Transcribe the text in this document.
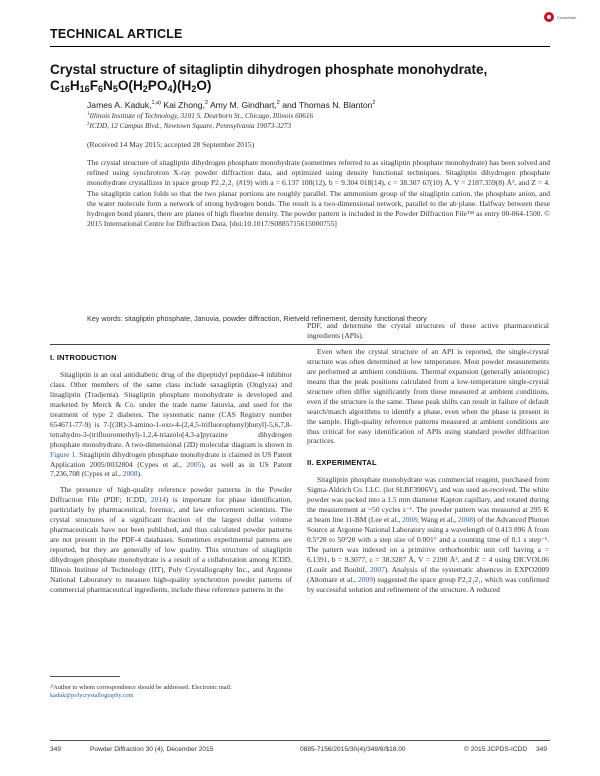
CrossMark
TECHNICAL ARTICLE
Crystal structure of sitagliptin dihydrogen phosphate monohydrate,
$C_{16}H_{16}F_6N_5O(H_2PO_4)(H_2O)$
James A. Kaduk,$^{1,a)}$ Kai Zhong,$^2$ Amy M. Gindhart,$^2$ and Thomas N. Blanton$^2$
$^1$Illinois Institute of Technology, 3101 S. Dearborn St., Chicago, Illinois 60616
$^2$ICDD, 12 Campus Blvd., Newtown Square, Pennsylvania 19073-3273
(Received 14 May 2015; accepted 28 September 2015)
The crystal structure of sitagliptin dihydrogen phosphate monohydrate (sometimes referred to as sitagliptin phosphate monohydrate) has been solved and refined using synchrotron X-ray powder diffraction data, and optimized using density functional techniques. Sitagliptin dihydrogen phosphate monohydrate crystallizes in space group P2₁2₁2₁ (#19) with a = 6.137 108(12), b = 9.304 018(14), c = 38.307 67(10) Å, V = 2187.359(8) Å³, and Z = 4. The sitagliptin cation folds so that the two planar portions are roughly parallel. The ammonium group of the sitagliptin cation, the phosphate anion, and the water molecule form a network of strong hydrogen bonds. The result is a two-dimensional network, parallel to the ab plane. Halfway between these hydrogen bond planes, there are planes of high fluorine density. The powder pattern is included in the Powder Diffraction File™ as entry 00-064-1500. © 2015 International Centre for Diffraction Data. [doi:10.1017/S0885715615000755]
Key words: sitagliptin phosphate, Januvia, powder diffraction, Rietveld refinement, density functional theory
I. INTRODUCTION

Sitagliptin is an oral antidiabetic drug of the dipeptidyl peptidase-4 inhibitor class. Other members of the same class include saxagliptin (Onglyza) and linagliptin (Tradjenta). Sitagliptin phosphate monohydrate is developed and marketed by Merck & Co. under the trade name Januvia, and used for the treatment of type 2 diabetes. The systematic name (CAS Registry number 654671-77-9) is 7-[(3R)-3-amino-1-oxo-4-(2,4,5-trifluorophenyl)butyl]-5,6,7,8-tetrahydro-3-(trifluoromethyl)-1,2,4-triazolo[4,3-a]pyrazine dihydrogen phosphate monohydrate. A two-dimensional (2D) molecular diagram is shown in Figure 1. Sitagliptin dihydrogen phosphate monohydrate is claimed in US Patent Application 2005/0032804 (Cypes et al., 2005), as well as in US Patent 7,236,708 (Cypes et al., 2008).

The presence of high-quality reference powder patterns in the Powder Diffraction File (PDF; ICDD, 2014) is important for phase identification, particularly by pharmaceutical, forensic, and law enforcement scientists. The crystal structures of a significant fraction of the largest dollar volume pharmaceuticals have not been published, and thus calculated powder patterns are not present in the PDF-4 databases. Sometimes experimental patterns are reported, but they are generally of low quality. This structure of sitagliptin dihydrogen phosphate monohydrate is a result of a collaboration among ICDD, Illinois Institute of Technology (IIT), Poly Crystallography Inc., and Argonne National Laboratory to measure high-quality synchrotron powder patterns of commercial pharmaceutical ingredients, include these reference patterns in the

PDF, and determine the crystal structures of these active pharmaceutical ingredients (APIs).

Even when the crystal structure of an API is reported, the single-crystal structure was often determined at low temperature. Most powder measurements are performed at ambient conditions. Thermal expansion (generally anisotropic) means that the peak positions calculated from a low-temperature single-crystal structure often differ significantly from those measured at ambient conditions, even if the structure is the same. These peak shifts can result in failure of default search/match algorithms to identify a phase, even when the phase is present in the sample. High-quality reference patterns measured at ambient conditions are thus critical for easy identification of APIs using standard powder diffraction practices.

II. EXPERIMENTAL

Sitagliptin phosphate monohydrate was commercial reagent, purchased from Sigma-Aldrich Co. LLC. (lot SLBF3906V), and was used as-received. The white powder was packed into a 1.5 mm diameter Kapton capillary, and rotated during the measurement at ~50 cycles s⁻¹. The powder pattern was measured at 295 K at beam line 11-BM (Lee et al., 2008; Wang et al., 2008) of the Advanced Photon Source at Argonne National Laboratory using a wavelength of 0.413 896 Å from 0.5°2θ to 50°2θ with a step size of 0.001° and a counting time of 0.1 s step⁻¹. The pattern was indexed on a primitive orthorhombic unit cell having a = 6.1391, b = 9.3077, c = 38.3287 Å, V = 2190 Å³, and Z = 4 using DICVOL06 (Louër and Boultif, 2007). Analysis of the systematic absences in EXPO2009 (Altomare et al., 2009) suggested the space group P2₁2₁2₁, which was confirmed by successful solution and refinement of the structure. A reduced

ᵃ⁾Author to whom correspondence should be addressed. Electronic mail:
kaduk@polycrystallography.com
349	Powder Diffraction 30 (4), December 2015	0885-7156/2015/30(4)/349/8/$18.00	© 2015 JCPDS-ICDD 349
